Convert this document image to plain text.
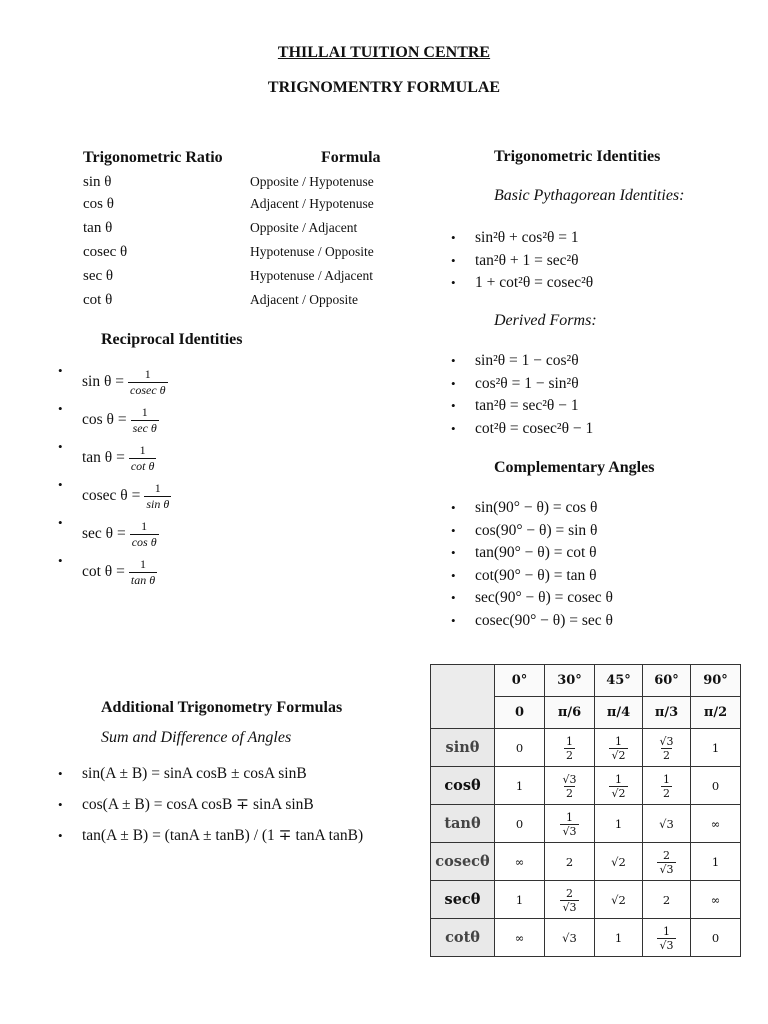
THILLAI TUITION CENTRE
TRIGNOMENTRY FORMULAE
Trigonometric Ratio	Formula
sin θ	Opposite / Hypotenuse
cos θ	Adjacent / Hypotenuse
tan θ	Opposite / Adjacent
cosec θ	Hypotenuse / Opposite
sec θ	Hypotenuse / Adjacent
cot θ	Adjacent / Opposite
Reciprocal Identities
• $\sin \theta = \frac{1}{\text{cosec θ}}$
• $\cos \theta = \frac{1}{\text{sec θ}}$
• $\tan \theta = \frac{1}{\text{cot θ}}$
• cosec $\theta = \frac{1}{\text{sin θ}}$
• $\sec \theta = \frac{1}{\text{cos θ}}$
• $\cot \theta = \frac{1}{\text{tan θ}}$
Trigonometric Identities
Basic Pythagorean Identities:
• sin²θ + cos²θ = 1
• tan²θ + 1 = sec²θ
• 1 + cot²θ = cosec²θ
Derived Forms:
• sin²θ = 1 − cos²θ
• cos²θ = 1 − sin²θ
• tan²θ = sec²θ − 1
• cot²θ = cosec²θ − 1
Complementary Angles
• sin(90° − θ) = cos θ
• cos(90° − θ) = sin θ
• tan(90° − θ) = cot θ
• cot(90° − θ) = tan θ
• sec(90° − θ) = cosec θ
• cosec(90° − θ) = sec θ
Additional Trigonometry Formulas
Sum and Difference of Angles
• sin(A ± B) = sinA cosB ± cosA sinB
• cos(A ± B) = cosA cosB ∓ sinA sinB
• tan(A ± B) = (tanA ± tanB) / (1 ∓ tanA tanB)
	0°	30°	45°	60°	90°
	0	π/6	π/4	π/3	π/2
sinθ	0	$\frac{1}{2}$	$\frac{1}{√2}$	$\frac{√3}{2}$	1
cosθ	1	$\frac{√3}{2}$	$\frac{1}{√2}$	$\frac{1}{2}$	0
tanθ	0	$\frac{1}{√3}$	1	√3	∞
cosecθ	∞	2	√2	$\frac{2}{√3}$	1
secθ	1	$\frac{2}{√3}$	√2	2	∞
cotθ	∞	√3	1	$\frac{1}{√3}$	0
